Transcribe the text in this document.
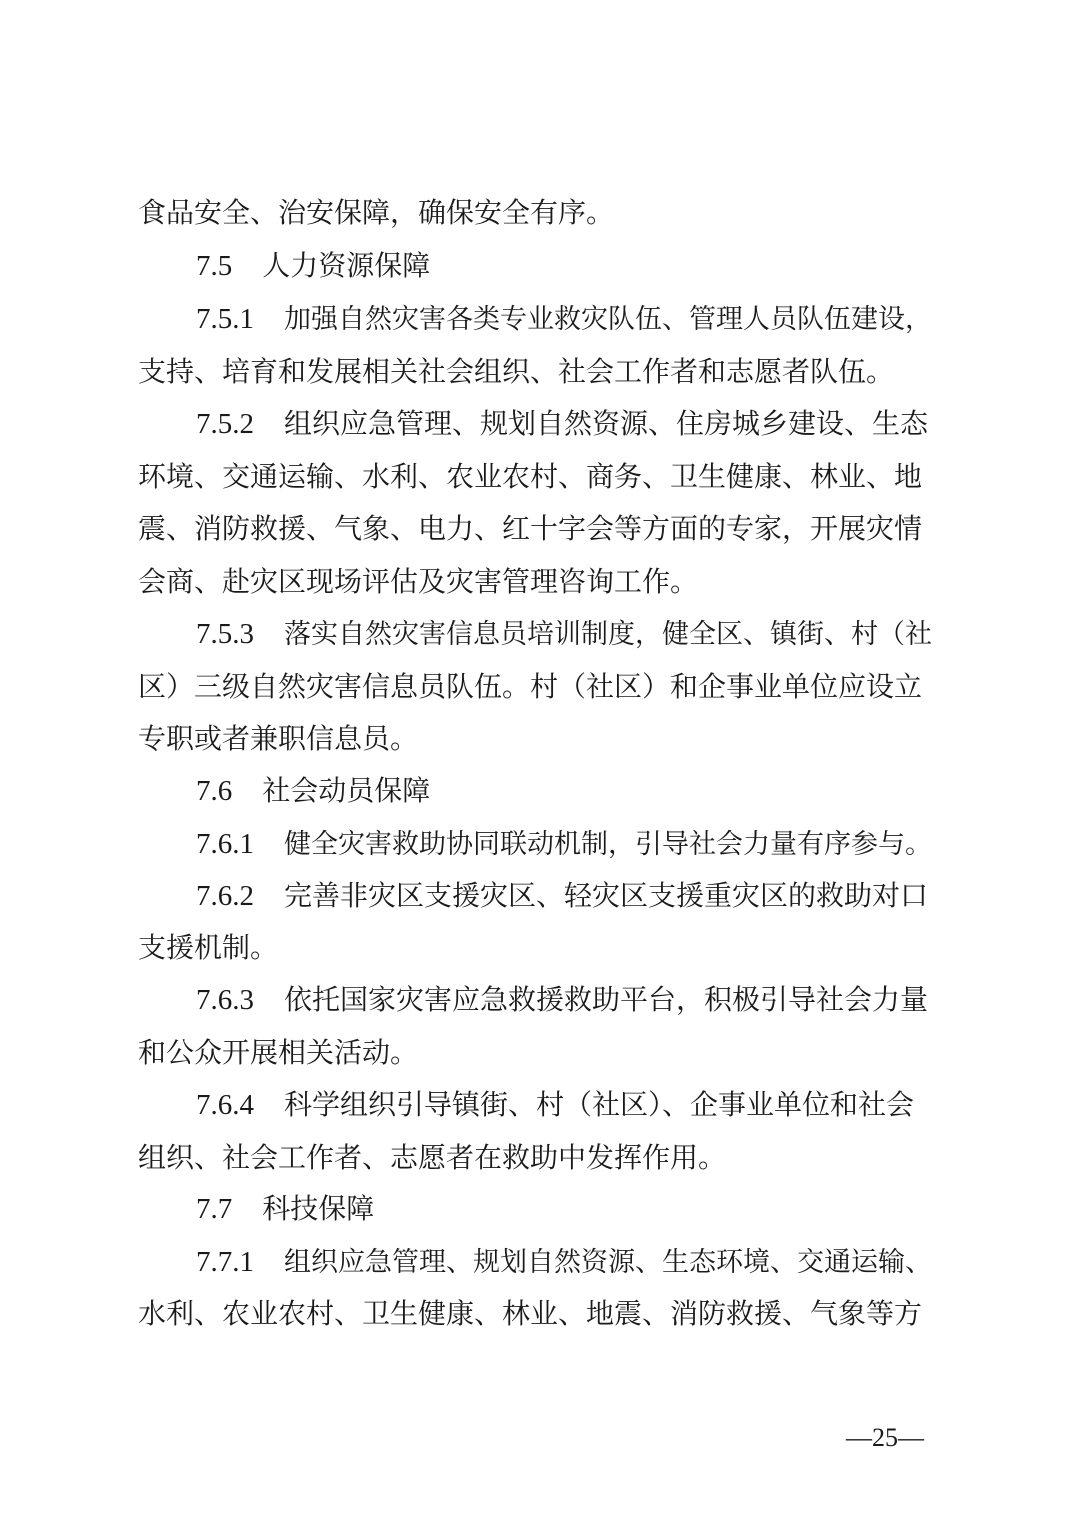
食品安全、治安保障，确保安全有序。
7.5 人力资源保障
7.5.1 加强自然灾害各类专业救灾队伍、管理人员队伍建设，
支持、培育和发展相关社会组织、社会工作者和志愿者队伍。
7.5.2 组织应急管理、规划自然资源、住房城乡建设、生态
环境、交通运输、水利、农业农村、商务、卫生健康、林业、地
震、消防救援、气象、电力、红十字会等方面的专家，开展灾情
会商、赴灾区现场评估及灾害管理咨询工作。
7.5.3 落实自然灾害信息员培训制度，健全区、镇街、村（社
区）三级自然灾害信息员队伍。村（社区）和企事业单位应设立
专职或者兼职信息员。
7.6 社会动员保障
7.6.1 健全灾害救助协同联动机制，引导社会力量有序参与。
7.6.2 完善非灾区支援灾区、轻灾区支援重灾区的救助对口
支援机制。
7.6.3 依托国家灾害应急救援救助平台，积极引导社会力量
和公众开展相关活动。
7.6.4 科学组织引导镇街、村（社区）、企事业单位和社会
组织、社会工作者、志愿者在救助中发挥作用。
7.7 科技保障
7.7.1 组织应急管理、规划自然资源、生态环境、交通运输、
水利、农业农村、卫生健康、林业、地震、消防救援、气象等方
—25—
